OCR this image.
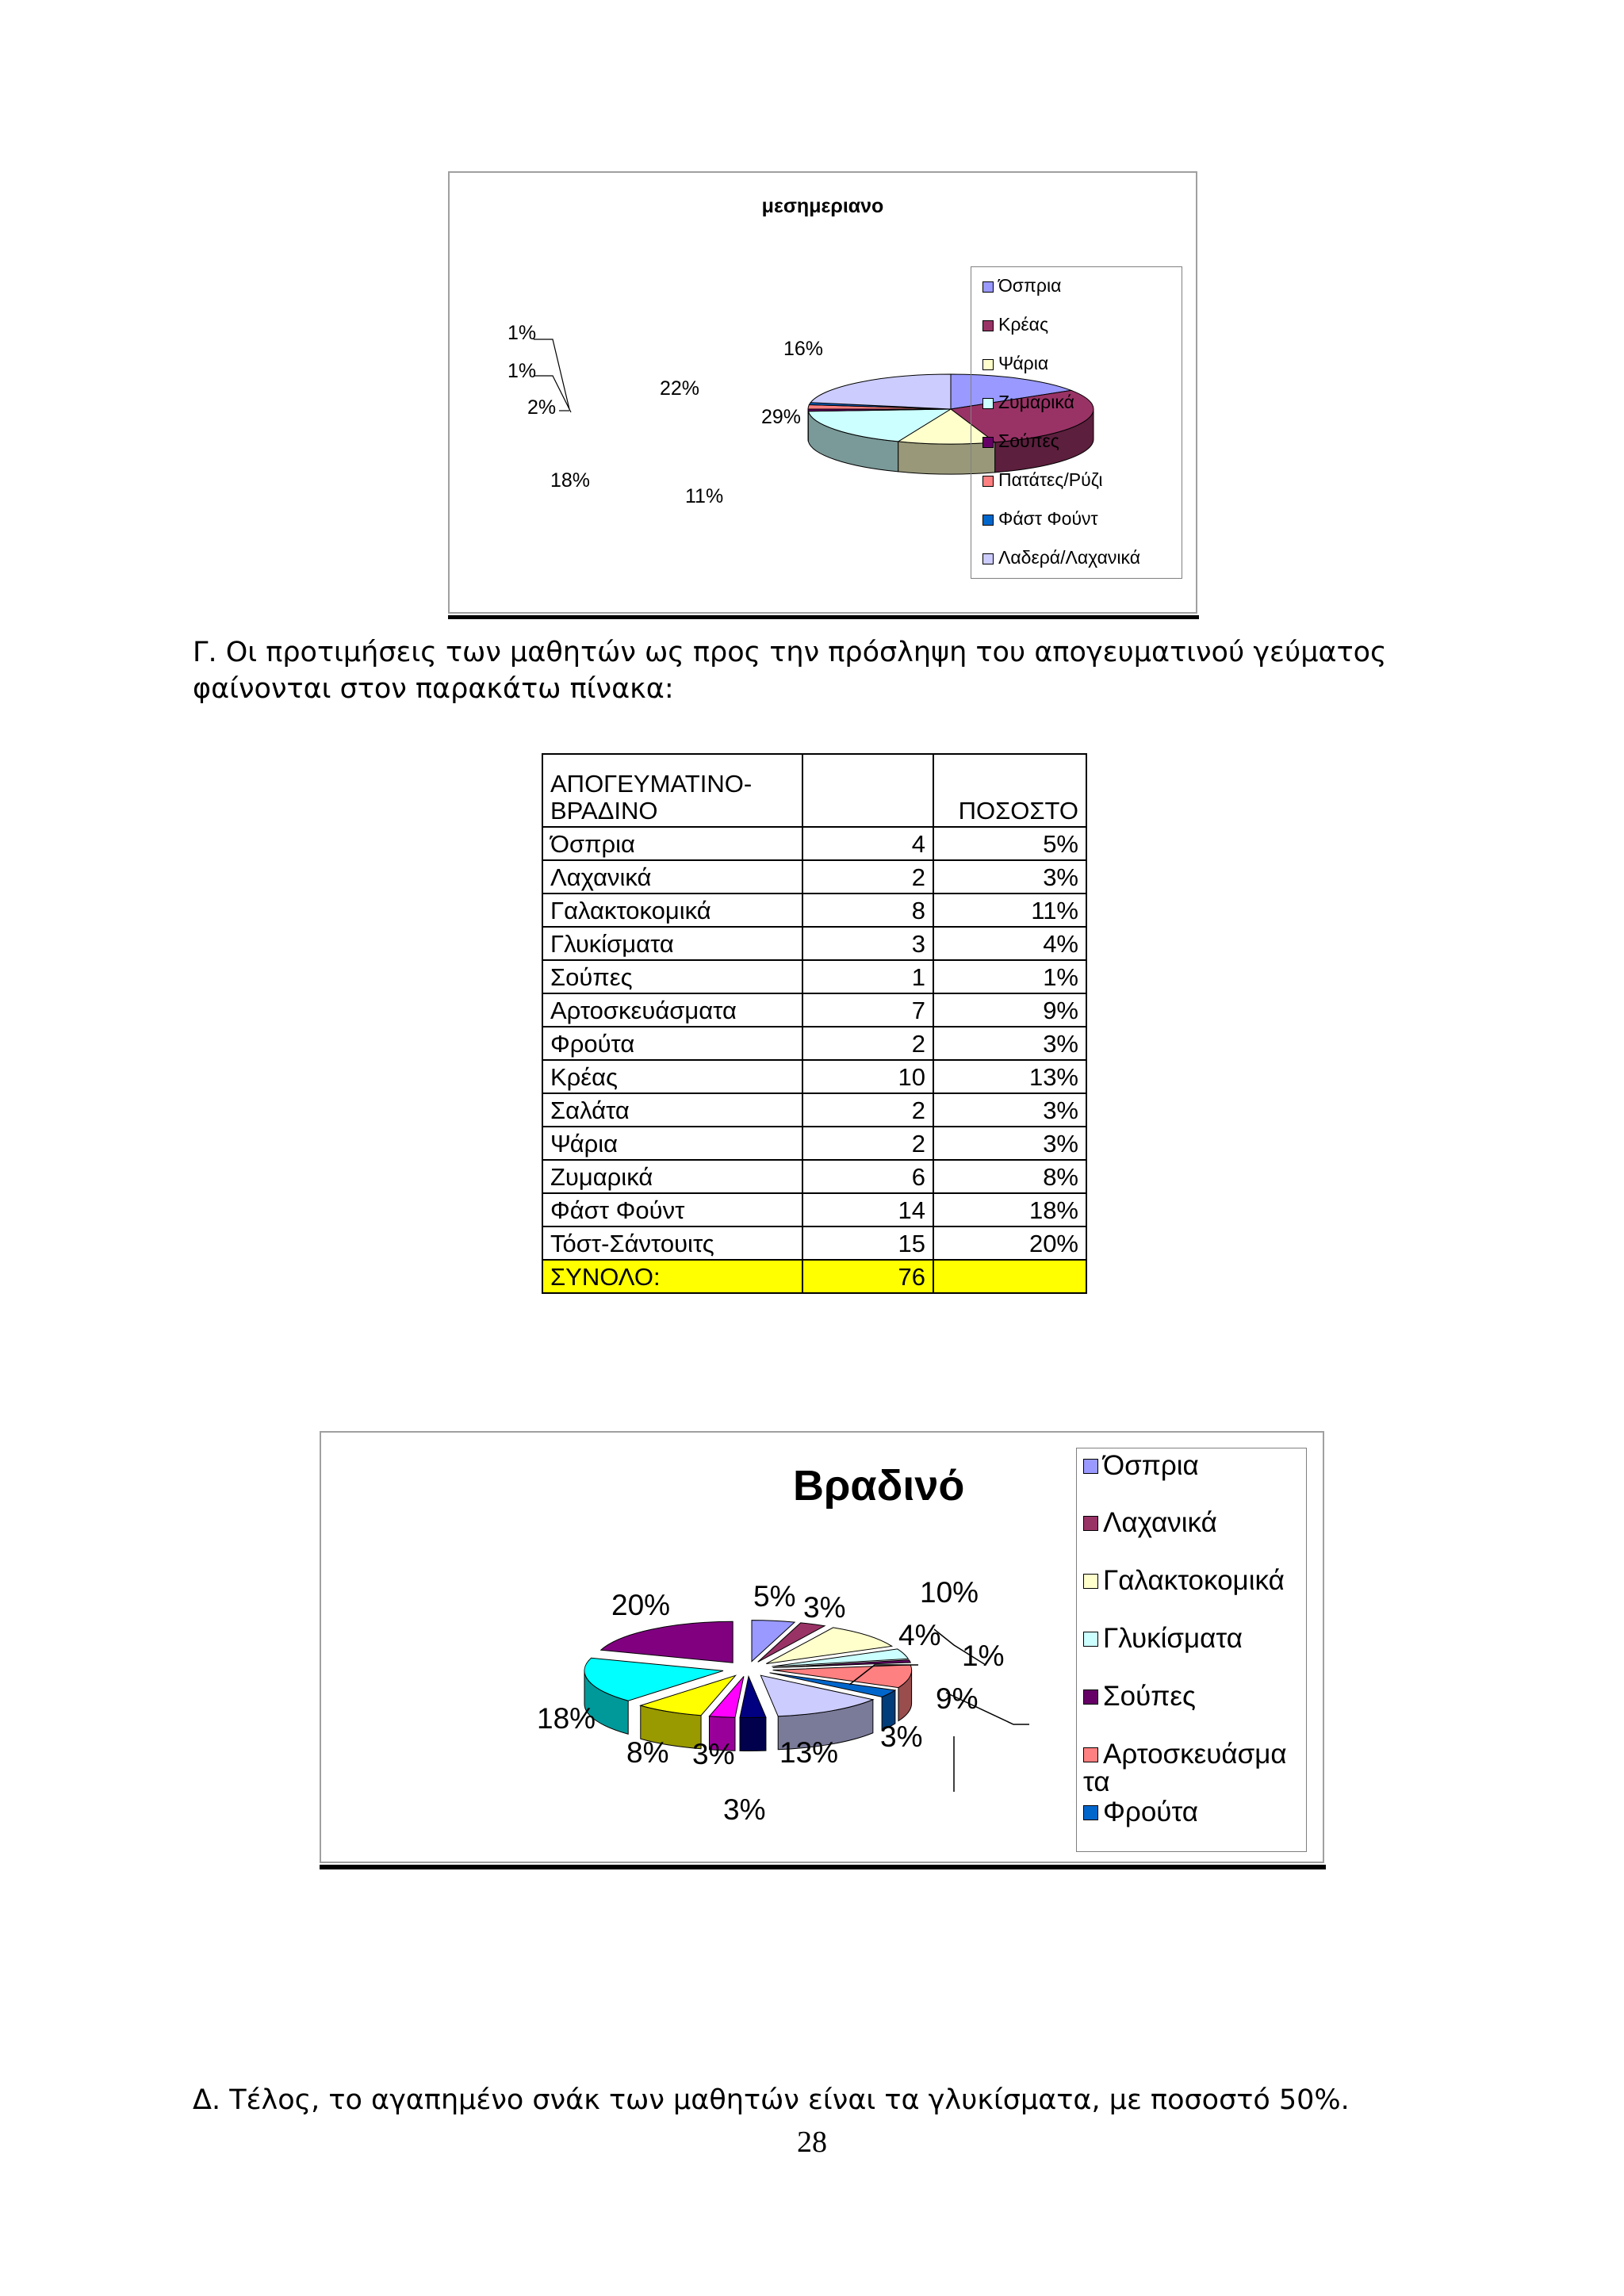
μεσημεριανο
16%
29%
11%
18%
2%
1%
1%
22%
Όσπρια
Κρέας
Ψάρια
Ζυμαρικά
Σούπες
Πατάτες/Ρύζι
Φάστ Φούντ
Λαδερά/Λαχανικά
Γ. Οι προτιμήσεις των μαθητών ως προς την πρόσληψη του απογευματινού γεύματος
φαίνονται στον παρακάτω πίνακα:
ΑΠΟΓΕΥΜΑΤΙΝΟ-
ΒΡΑΔΙΝΟ		ΠΟΣΟΣΤΟ
Όσπρια	4	5%
Λαχανικά	2	3%
Γαλακτοκομικά	8	11%
Γλυκίσματα	3	4%
Σούπες	1	1%
Αρτοσκευάσματα	7	9%
Φρούτα	2	3%
Κρέας	10	13%
Σαλάτα	2	3%
Ψάρια	2	3%
Ζυμαρικά	6	8%
Φάστ Φούντ	14	18%
Τόστ-Σάντουιτς	15	20%
ΣΥΝΟΛΟ:	76	
Βραδινό
5% 3%	10%
4%
1%
9%
3%
13%
3%
3%
8%
18%
20%
Όσπρια
Λαχανικά
Γαλακτοκομικά
Γλυκίσματα
Σούπες
Αρτοσκευάσμα τα
Φρούτα
Δ. Τέλος, το αγαπημένο σνάκ των μαθητών είναι τα γλυκίσματα, με ποσοστό 50%.
28
